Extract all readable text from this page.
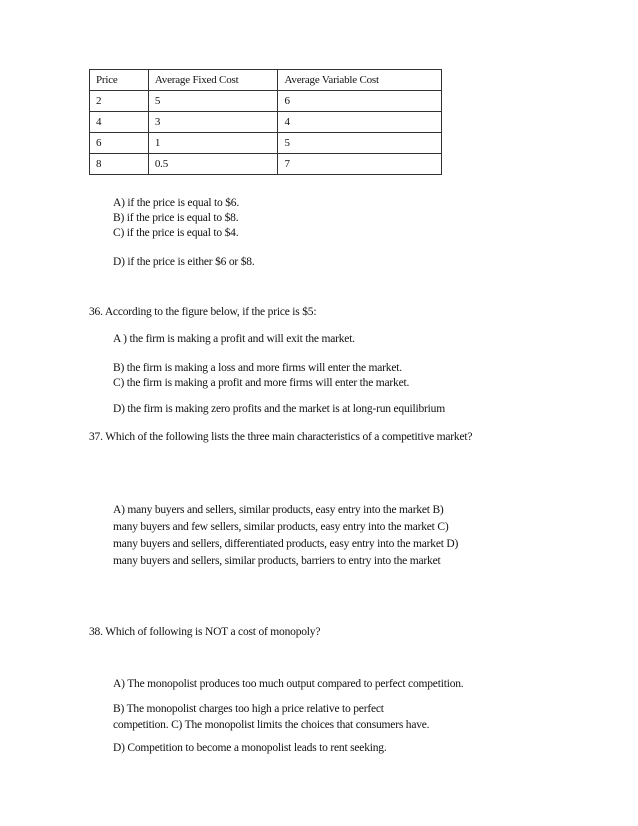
Price	Average Fixed Cost	Average Variable Cost
2	5	6
4	3	4
6	1	5
8	0.5	7
A) if the price is equal to $6.
B) if the price is equal to $8.
C) if the price is equal to $4.
D) if the price is either $6 or $8.
36. According to the figure below, if the price is $5:
A ) the firm is making a profit and will exit the market.
B) the firm is making a loss and more firms will enter the market.
C) the firm is making a profit and more firms will enter the market.
D) the firm is making zero profits and the market is at long-run equilibrium
37. Which of the following lists the three main characteristics of a competitive market?
A) many buyers and sellers, similar products, easy entry into the market B)
many buyers and few sellers, similar products, easy entry into the market C)
many buyers and sellers, differentiated products, easy entry into the market D)
many buyers and sellers, similar products, barriers to entry into the market
38. Which of following is NOT a cost of monopoly?
A) The monopolist produces too much output compared to perfect competition.
B) The monopolist charges too high a price relative to perfect
competition. C) The monopolist limits the choices that consumers have.
D) Competition to become a monopolist leads to rent seeking.
